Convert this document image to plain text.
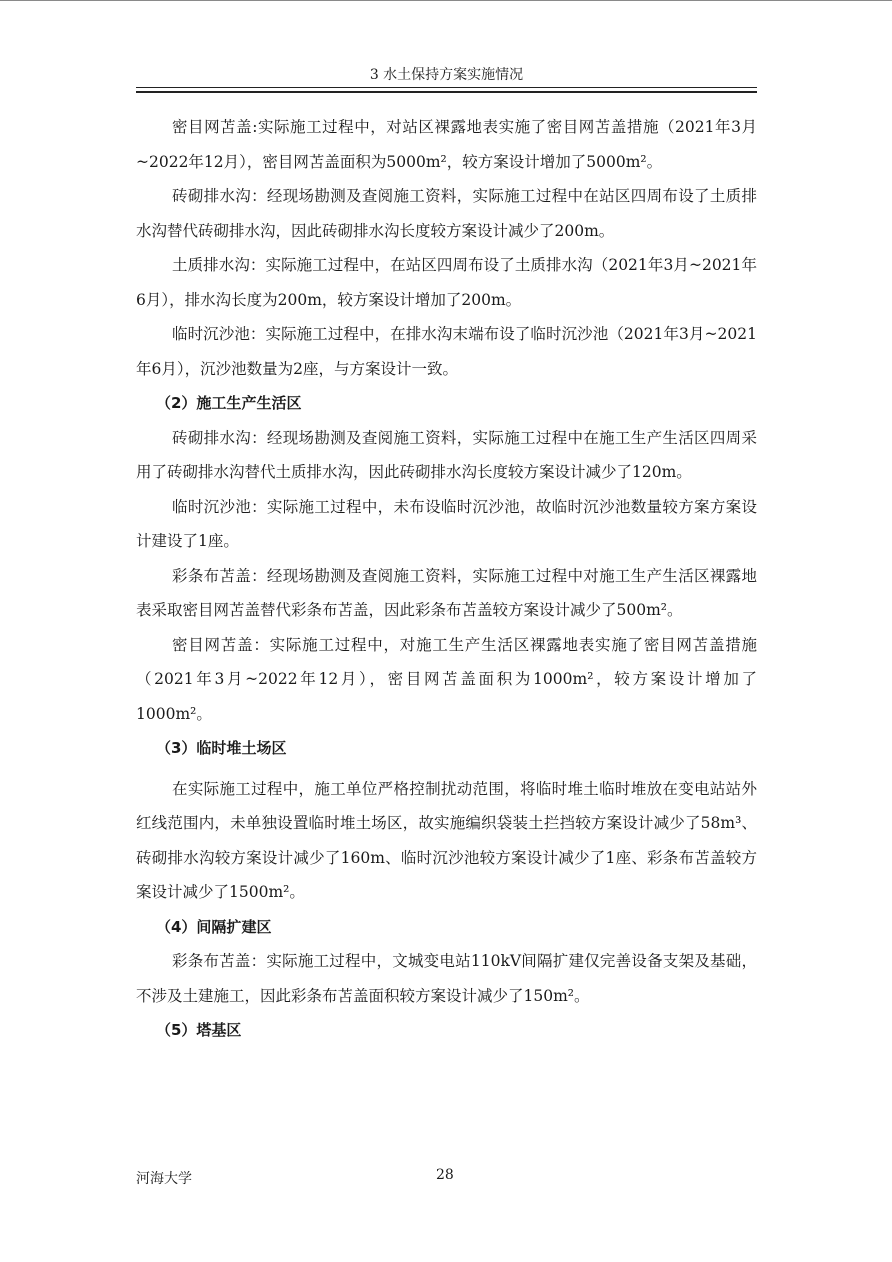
3 水土保持方案实施情况

密目网苫盖:实际施工过程中，对站区裸露地表实施了密目网苫盖措施（2021年3月~2022年12月），密目网苫盖面积为5000m²，较方案设计增加了5000m²。

砖砌排水沟：经现场勘测及查阅施工资料，实际施工过程中在站区四周布设了土质排水沟替代砖砌排水沟，因此砖砌排水沟长度较方案设计减少了200m。

土质排水沟：实际施工过程中，在站区四周布设了土质排水沟（2021年3月~2021年6月），排水沟长度为200m，较方案设计增加了200m。

临时沉沙池：实际施工过程中，在排水沟末端布设了临时沉沙池（2021年3月~2021年6月），沉沙池数量为2座，与方案设计一致。

（2）施工生产生活区

砖砌排水沟：经现场勘测及查阅施工资料，实际施工过程中在施工生产生活区四周采用了砖砌排水沟替代土质排水沟，因此砖砌排水沟长度较方案设计减少了120m。

临时沉沙池：实际施工过程中，未布设临时沉沙池，故临时沉沙池数量较方案方案设计建设了1座。

彩条布苫盖：经现场勘测及查阅施工资料，实际施工过程中对施工生产生活区裸露地表采取密目网苫盖替代彩条布苫盖，因此彩条布苫盖较方案设计减少了500m²。

密目网苫盖：实际施工过程中，对施工生产生活区裸露地表实施了密目网苫盖措施（2021年3月~2022年12月），密目网苫盖面积为1000m²，较方案设计增加了1000m²。

（3）临时堆土场区

在实际施工过程中，施工单位严格控制扰动范围，将临时堆土临时堆放在变电站站外红线范围内，未单独设置临时堆土场区，故实施编织袋装土拦挡较方案设计减少了58m³、砖砌排水沟较方案设计减少了160m、临时沉沙池较方案设计减少了1座、彩条布苫盖较方案设计减少了1500m²。

（4）间隔扩建区

彩条布苫盖：实际施工过程中，文城变电站110kV间隔扩建仅完善设备支架及基础，不涉及土建施工，因此彩条布苫盖面积较方案设计减少了150m²。

（5）塔基区
河海大学	28
